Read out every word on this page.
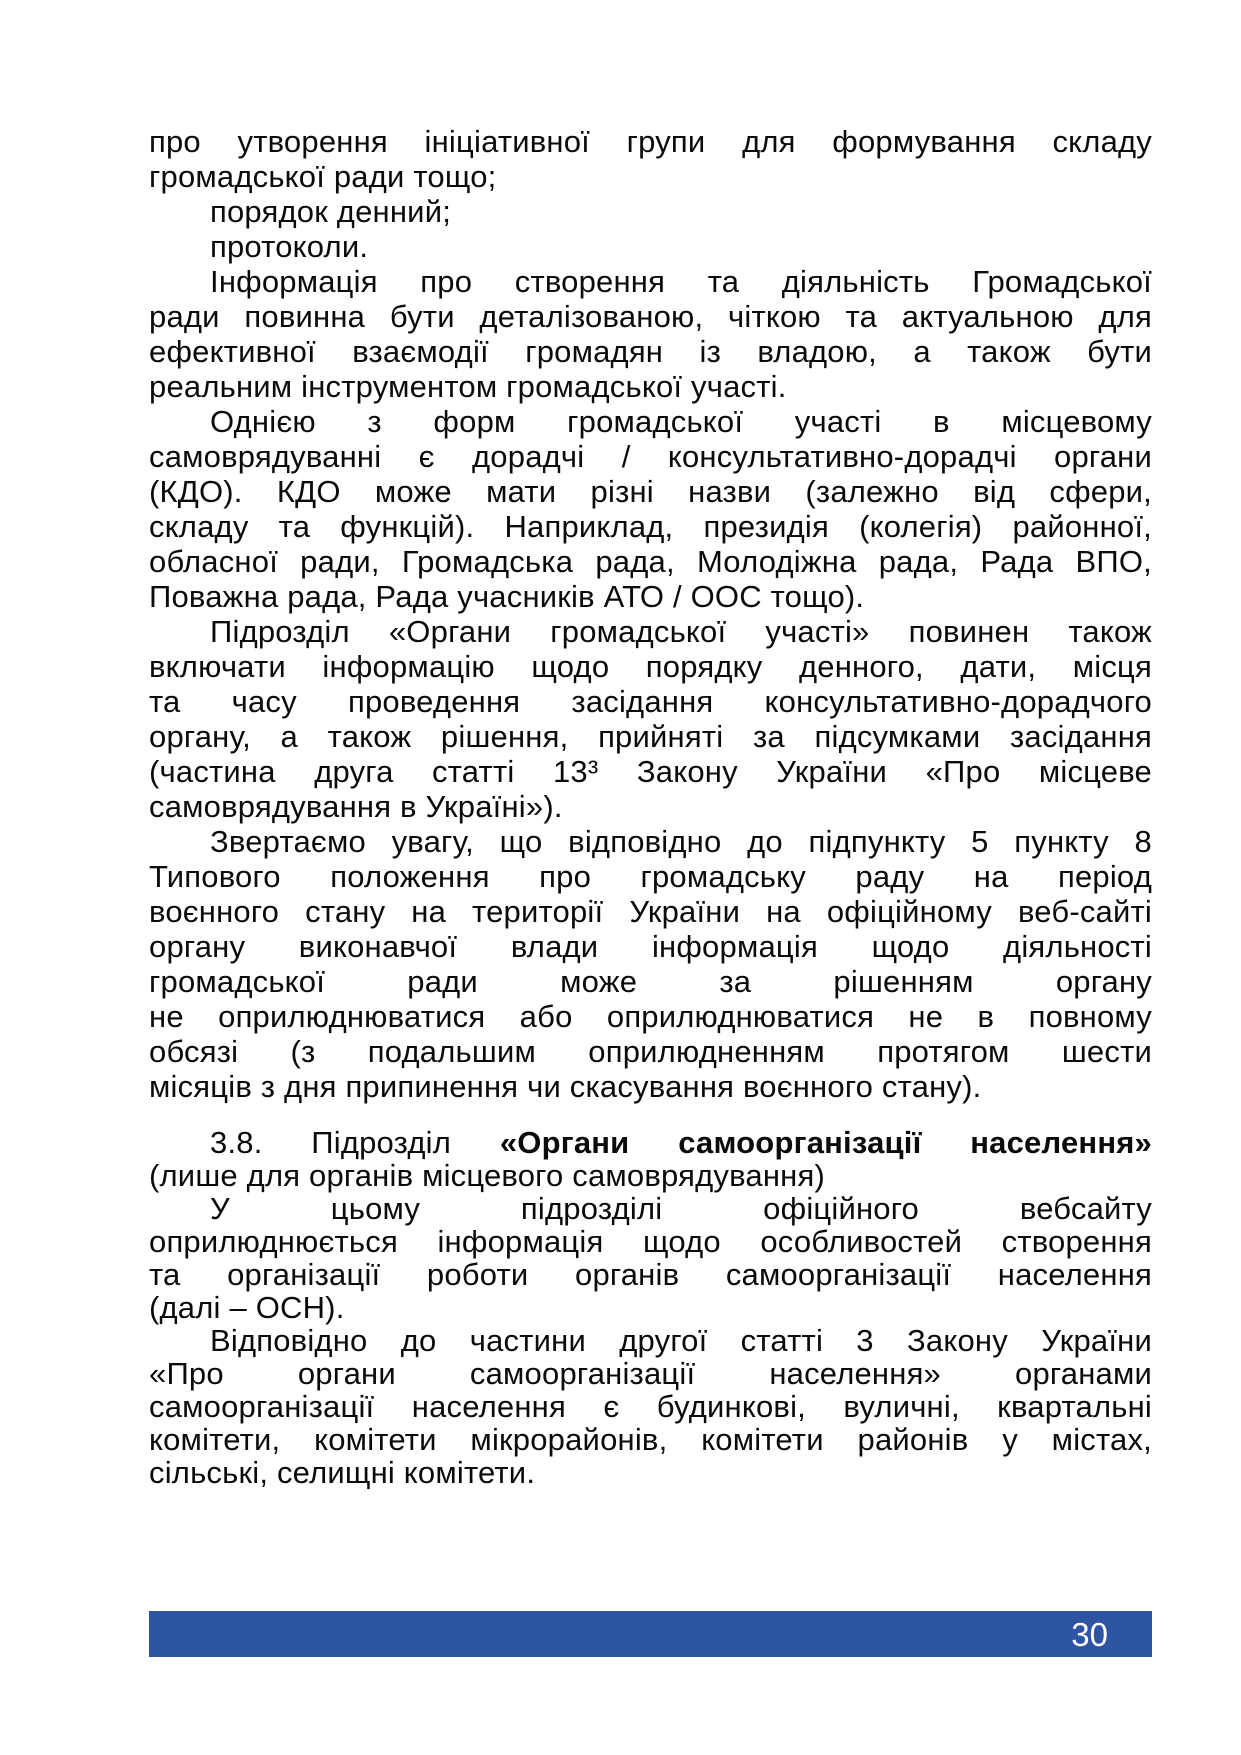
про утворення ініціативної групи для формування складу
громадської ради тощо;
порядок денний;
протоколи.
Інформація про створення та діяльність Громадської
ради повинна бути деталізованою, чіткою та актуальною для
ефективної взаємодії громадян із владою, а також бути
реальним інструментом громадської участі.
Однією з форм громадської участі в місцевому
самоврядуванні є дорадчі / консультативно-дорадчі органи
(КДО). КДО може мати різні назви (залежно від сфери,
складу та функцій). Наприклад, президія (колегія) районної,
обласної ради, Громадська рада, Молодіжна рада, Рада ВПО,
Поважна рада, Рада учасників АТО / ООС тощо).
Підрозділ «Органи громадської участі» повинен також
включати інформацію щодо порядку денного, дати, місця
та часу проведення засідання консультативно-дорадчого
органу, а також рішення, прийняті за підсумками засідання
(частина друга статті 13³ Закону України «Про місцеве
самоврядування в Україні»).
Звертаємо увагу, що відповідно до підпункту 5 пункту 8
Типового положення про громадську раду на період
воєнного стану на території України на офіційному веб-сайті
органу виконавчої влади інформація щодо діяльності
громадської ради може за рішенням органу
не оприлюднюватися або оприлюднюватися не в повному
обсязі (з подальшим оприлюдненням протягом шести
місяців з дня припинення чи скасування воєнного стану).
3.8. Підрозділ «Органи самоорганізації населення»
(лише для органів місцевого самоврядування)
У цьому підрозділі офіційного вебсайту
оприлюднюється інформація щодо особливостей створення
та організації роботи органів самоорганізації населення
(далі – ОСН).
Відповідно до частини другої статті 3 Закону України
«Про органи самоорганізації населення» органами
самоорганізації населення є будинкові, вуличні, квартальні
комітети, комітети мікрорайонів, комітети районів у містах,
сільські, селищні комітети.
30
